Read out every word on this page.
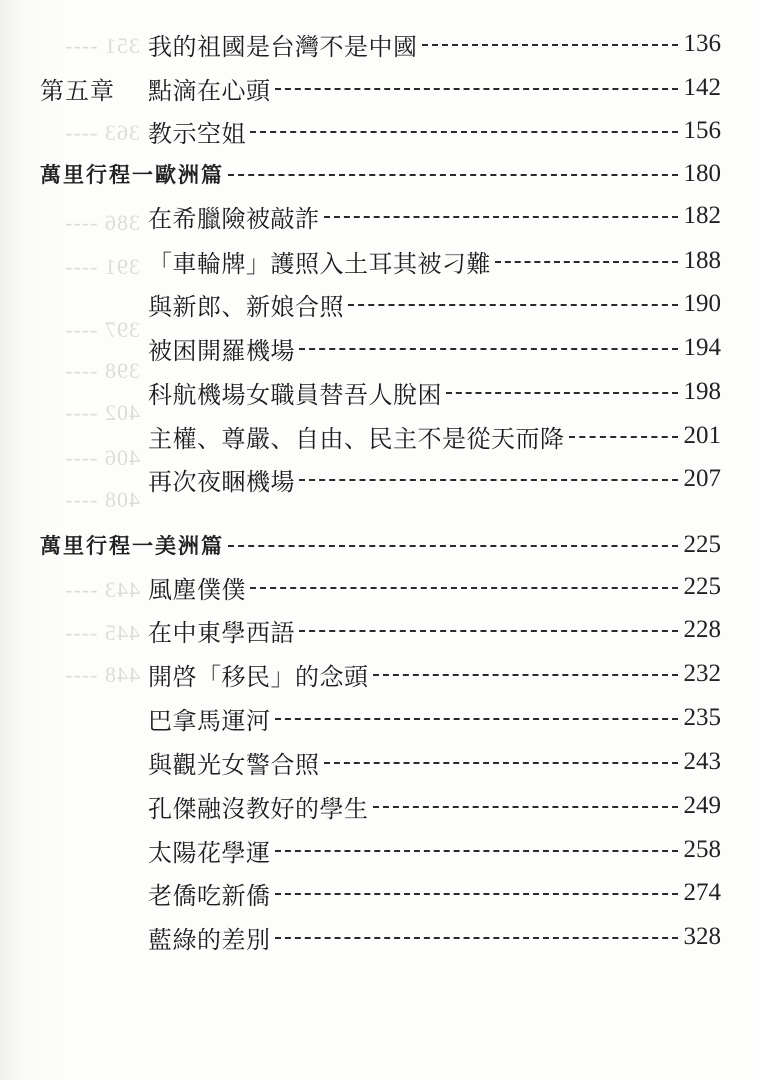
351 ----
363 ----
386 ----
391 ----
397 ----
398 ----
402 ----
406 ----
408 ----
443 ----
445 ----
448 ----
我的祖國是台灣不是中國	136
第五章 點滴在心頭	142
教示空姐	156
萬里行程一歐洲篇	180
在希臘險被敲詐	182
「車輪牌」護照入土耳其被刁難	188
與新郎、新娘合照	190
被困開羅機場	194
科航機場女職員替吾人脫困	198
主權、尊嚴、自由、民主不是從天而降	201
再次夜睏機場	207
萬里行程一美洲篇	225
風塵僕僕	225
在中東學西語	228
開啓「移民」的念頭	232
巴拿馬運河	235
與觀光女警合照	243
孔傑融沒教好的學生	249
太陽花學運	258
老僑吃新僑	274
藍綠的差別	328
